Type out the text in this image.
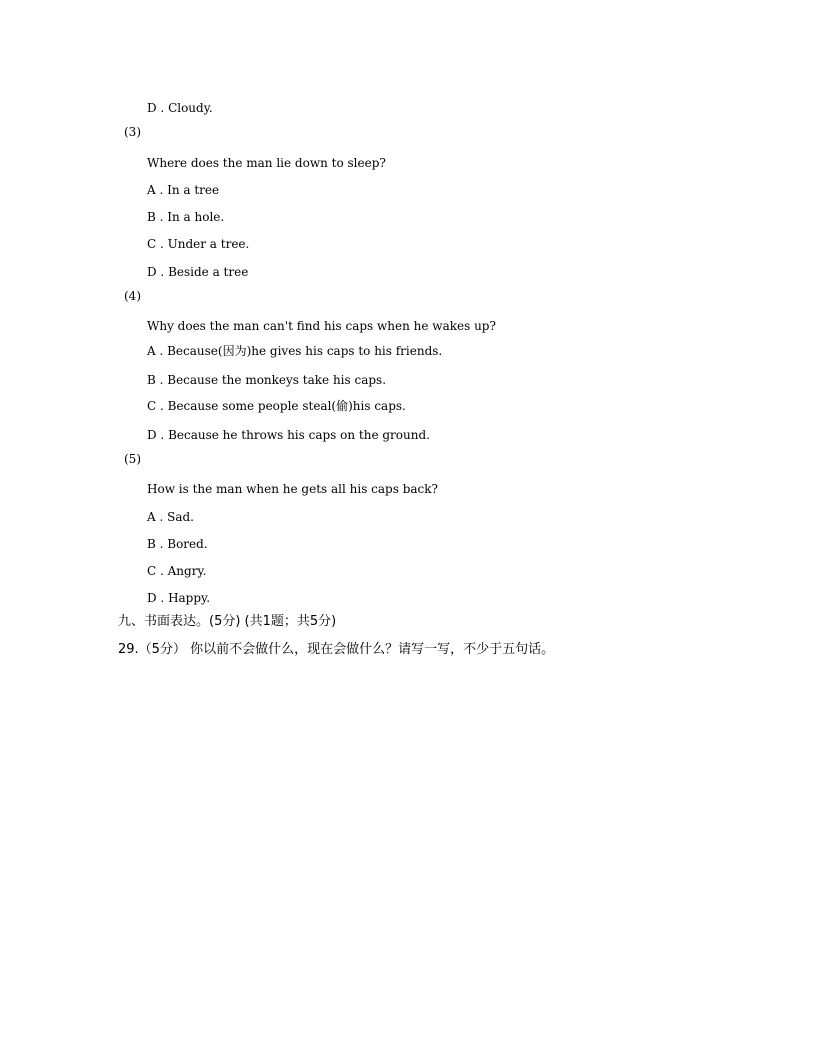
D . Cloudy.
(3)
Where does the man lie down to sleep?
A . In a tree
B . In a hole.
C . Under a tree.
D . Beside a tree
(4)
Why does the man can't find his caps when he wakes up?
A . Because(因为)he gives his caps to his friends.
B . Because the monkeys take his caps.
C . Because some people steal(偷)his caps.
D . Because he throws his caps on the ground.
(5)
How is the man when he gets all his caps back?
A . Sad.
B . Bored.
C . Angry.
D . Happy.
九、书面表达。(5分) (共1题；共5分)
29.（5分） 你以前不会做什么，现在会做什么？请写一写，不少于五句话。
